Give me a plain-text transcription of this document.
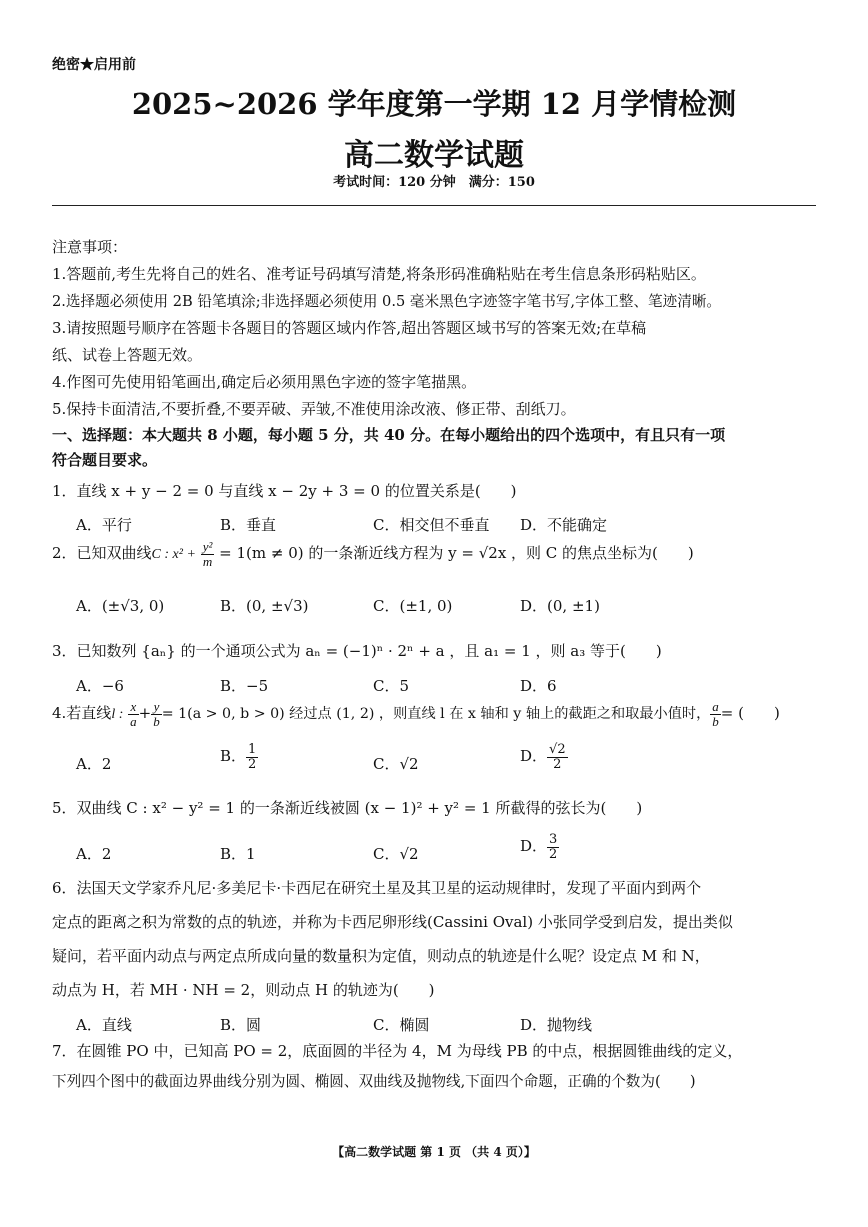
绝密★启用前
2025~2026 学年度第一学期 12 月学情检测
高二数学试题
考试时间：120 分钟　满分：150
注意事项：
1.答题前,考生先将自己的姓名、准考证号码填写清楚,将条形码准确粘贴在考生信息条形码粘贴区。
2.选择题必须使用 2B 铅笔填涂;非选择题必须使用 0.5 毫米黑色字迹签字笔书写,字体工整、笔迹清晰。
3.请按照题号顺序在答题卡各题目的答题区域内作答,超出答题区域书写的答案无效;在草稿
纸、试卷上答题无效。
4.作图可先使用铅笔画出,确定后必须用黑色字迹的签字笔描黑。
5.保持卡面清洁,不要折叠,不要弄破、弄皱,不准使用涂改液、修正带、刮纸刀。
一、选择题：本大题共 8 小题，每小题 5 分，共 40 分。在每小题给出的四个选项中，有且只有一项
符合题目要求。
1．直线 x + y − 2 = 0 与直线 x − 2y + 3 = 0 的位置关系是(　　)
A．平行	B．垂直	C．相交但不垂直 D．不能确定
2．已知双曲线C : $x^2 + \frac{\text{y²}}{m} = 1(m \ne 0)$ 的一条渐近线方程为 y = √2x ，则 C 的焦点坐标为(　　)
A．(±√3, 0)	B．(0, ±√3)	C．(±1, 0)	D．(0, ±1)
3．已知数列 {aₙ} 的一个通项公式为 aₙ = (−1)ⁿ · 2ⁿ + a ，且 a₁ = 1 ，则 a₃ 等于(　　)
A．−6	B．−5	C．5	D．6
4.若直线l : $\frac{x}{a} + \frac{y}{b} = 1(a > 0$, b > 0) 经过点 (1, 2) ，则直线 l 在 x 轴和 y 轴上的截距之和取最小值时， $\frac{a}{b}$ = (　　)
A．2	B． $\frac{1}{2}$	C．√2	D． $\frac{√2}{2}$
5．双曲线 C : x² − y² = 1 的一条渐近线被圆 (x − 1)² + y² = 1 所截得的弦长为(　　)
A．2	B．1	C．√2	D． $\frac{3}{2}$
6．法国天文学家乔凡尼·多美尼卡·卡西尼在研究土星及其卫星的运动规律时，发现了平面内到两个
定点的距离之积为常数的点的轨迹，并称为卡西尼卵形线(Cassini Oval) 小张同学受到启发，提出类似
疑问，若平面内动点与两定点所成向量的数量积为定值，则动点的轨迹是什么呢？设定点 M 和 N，
动点为 H，若 MH · NH = 2，则动点 H 的轨迹为(　　)
A．直线	B．圆	C．椭圆	D．抛物线
7．在圆锥 PO 中，已知高 PO = 2，底面圆的半径为 4，M 为母线 PB 的中点，根据圆锥曲线的定义，
下列四个图中的截面边界曲线分别为圆、椭圆、双曲线及抛物线,下面四个命题，正确的个数为(　　)
【高二数学试题 第 1 页 （共 4 页）】
